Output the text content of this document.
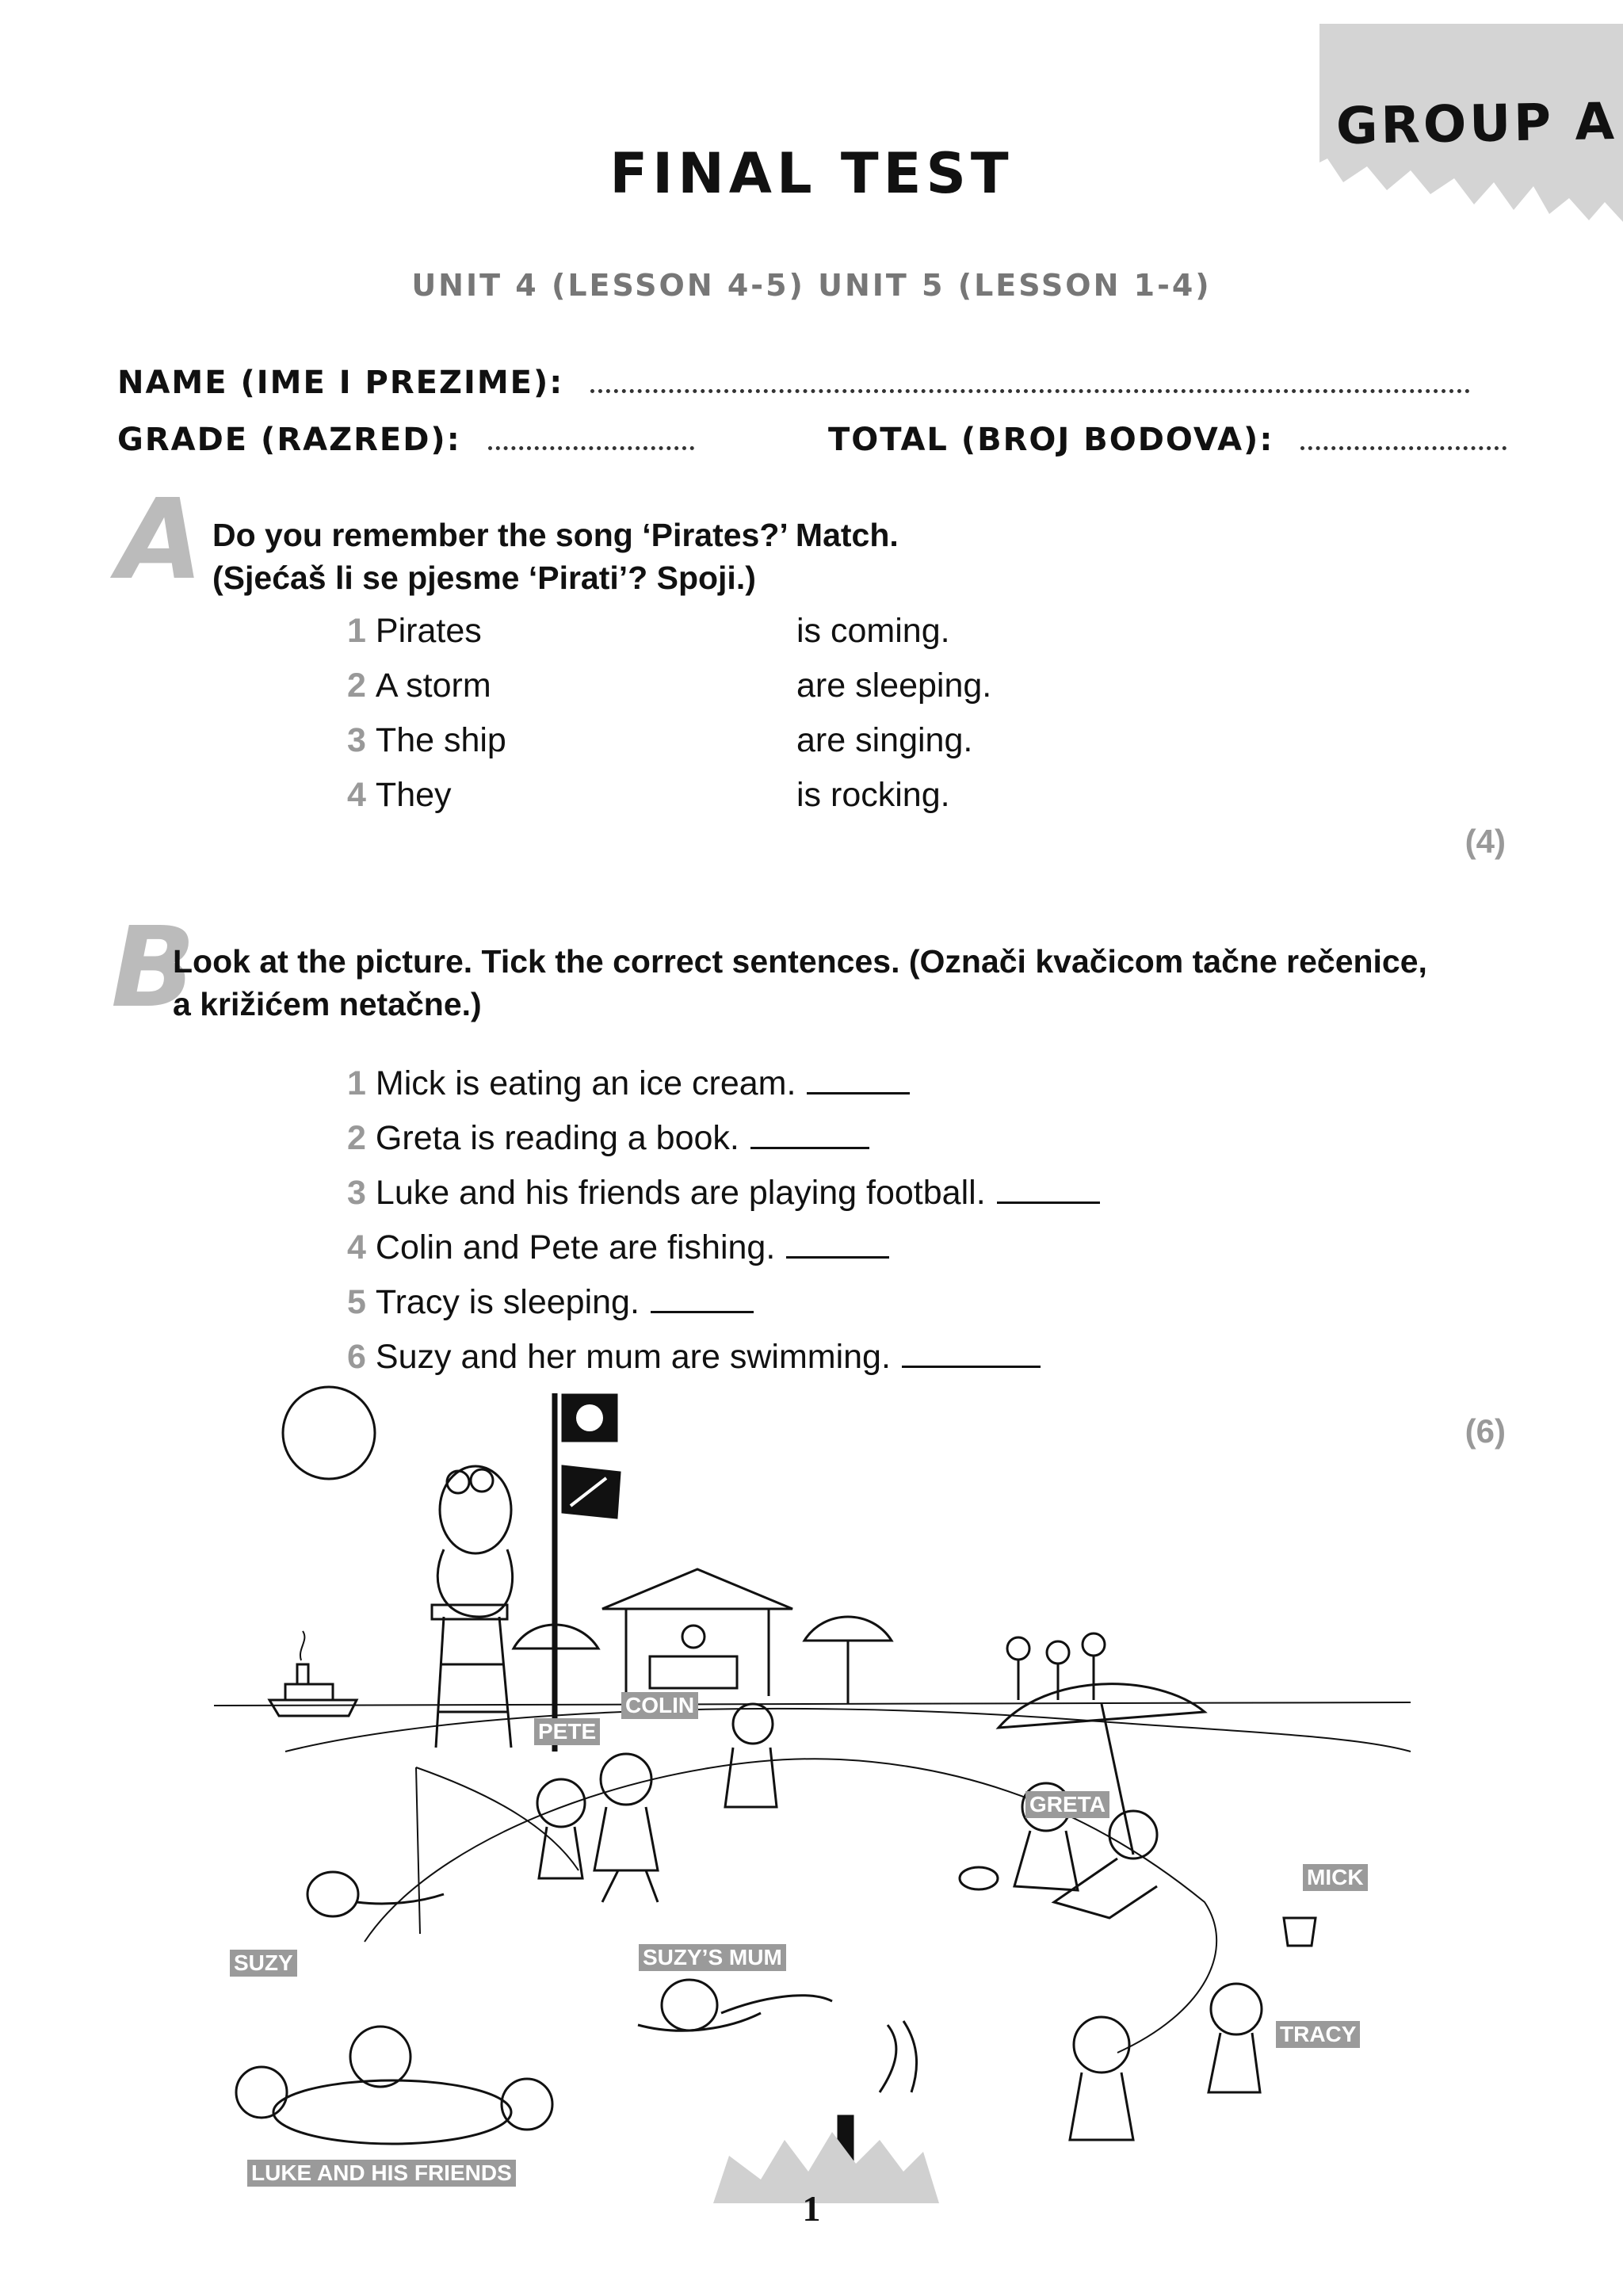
GROUP A
FINAL TEST
UNIT 4 (LESSON 4-5) UNIT 5 (LESSON 1-4)
NAME (IME I PREZIME):
GRADE (RAZRED):	TOTAL (BROJ BODOVA):
A Do you remember the song ‘Pirates?’ Match.
(Sjećaš li se pjesme ‘Pirati’? Spoji.)
1 Pirates	is coming.
2 A storm	are sleeping.
3 The ship	are singing.
4 They	is rocking.
(4)
B
Look at the picture. Tick the correct sentences. (Označi kvačicom tačne rečenice,
a križićem netačne.)
1 Mick is eating an ice cream.
2 Greta is reading a book.
3 Luke and his friends are playing football.
4 Colin and Pete are fishing.
5 Tracy is sleeping.
6 Suzy and her mum are swimming.
(6)
COLIN
PETE
GRETA
MICK
SUZY	SUZY’S MUM
TRACY
LUKE AND HIS FRIENDS
1
